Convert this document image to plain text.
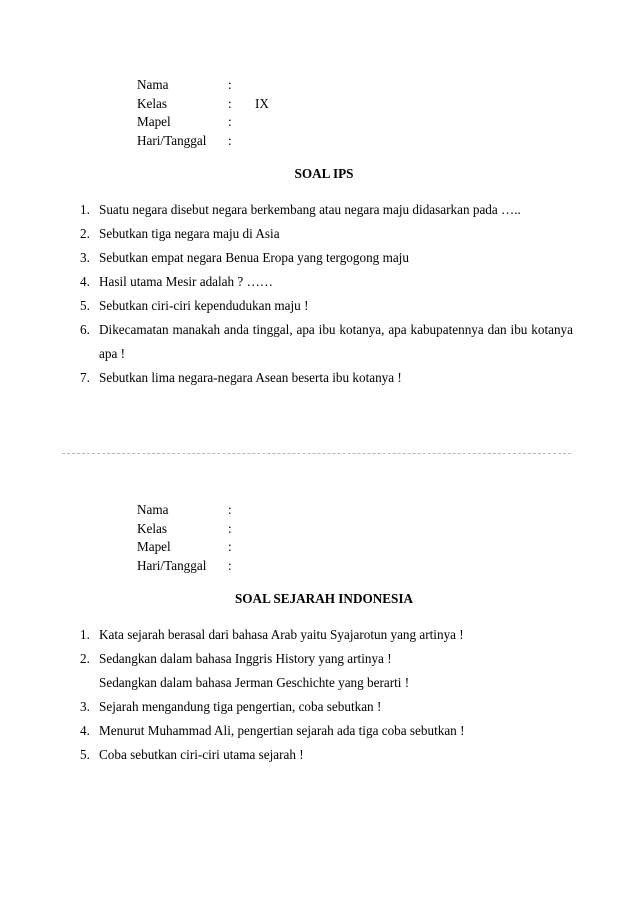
Nama	:	
Kelas	:	IX
Mapel	:	
Hari/Tanggal	:	
SOAL IPS
1. Suatu negara disebut negara berkembang atau negara maju didasarkan pada …..
2. Sebutkan tiga negara maju di Asia
3. Sebutkan empat negara Benua Eropa yang tergogong maju
4. Hasil utama Mesir adalah ? ……
5. Sebutkan ciri-ciri kependudukan maju !
6. Dikecamatan manakah anda tinggal, apa ibu kotanya, apa kabupatennya dan ibu kotanya apa !
7. Sebutkan lima negara-negara Asean beserta ibu kotanya !
Nama	:	
Kelas	:	
Mapel	:	
Hari/Tanggal	:	
SOAL SEJARAH INDONESIA
1. Kata sejarah berasal dari bahasa Arab yaitu Syajarotun yang artinya !
2. Sedangkan dalam bahasa Inggris History yang artinya !
Sedangkan dalam bahasa Jerman Geschichte yang berarti !
3. Sejarah mengandung tiga pengertian, coba sebutkan !
4. Menurut Muhammad Ali, pengertian sejarah ada tiga coba sebutkan !
5. Coba sebutkan ciri-ciri utama sejarah !
